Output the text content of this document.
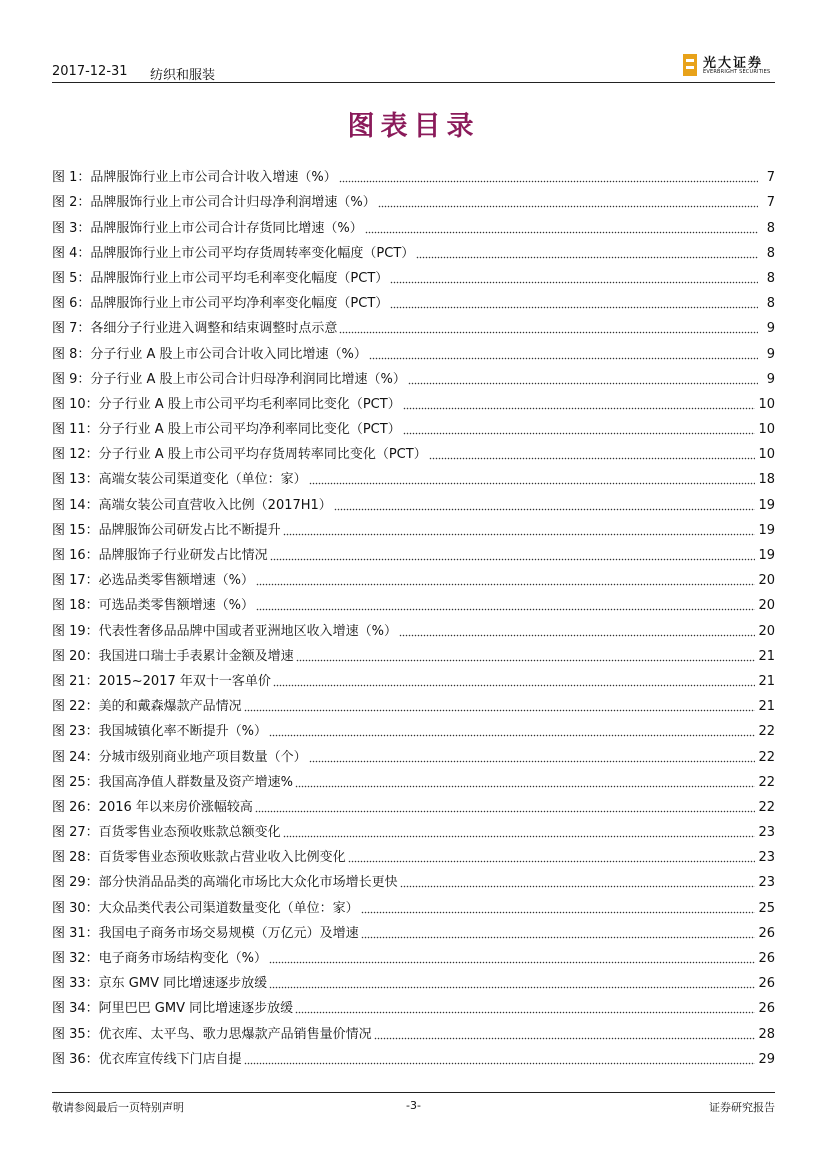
2017-12-31 纺织和服装
光大证券
EVERBRIGHT SECURITIES
图表目录
图 1：品牌服饰行业上市公司合计收入增速（%）	7
图 2：品牌服饰行业上市公司合计归母净利润增速（%）	7
图 3：品牌服饰行业上市公司合计存货同比增速（%）	8
图 4：品牌服饰行业上市公司平均存货周转率变化幅度（PCT）	8
图 5：品牌服饰行业上市公司平均毛利率变化幅度（PCT）	8
图 6：品牌服饰行业上市公司平均净利率变化幅度（PCT）	8
图 7：各细分子行业进入调整和结束调整时点示意	9
图 8：分子行业 A 股上市公司合计收入同比增速（%）	9
图 9：分子行业 A 股上市公司合计归母净利润同比增速（%）	9
图 10：分子行业 A 股上市公司平均毛利率同比变化（PCT）	10
图 11：分子行业 A 股上市公司平均净利率同比变化（PCT）	10
图 12：分子行业 A 股上市公司平均存货周转率同比变化（PCT）	10
图 13：高端女装公司渠道变化（单位：家）	18
图 14：高端女装公司直营收入比例（2017H1）	19
图 15：品牌服饰公司研发占比不断提升	19
图 16：品牌服饰子行业研发占比情况	19
图 17：必选品类零售额增速（%）	20
图 18：可选品类零售额增速（%）	20
图 19：代表性奢侈品品牌中国或者亚洲地区收入增速（%）	20
图 20：我国进口瑞士手表累计金额及增速	21
图 21：2015~2017 年双十一客单价	21
图 22：美的和戴森爆款产品情况	21
图 23：我国城镇化率不断提升（%）	22
图 24：分城市级别商业地产项目数量（个）	22
图 25：我国高净值人群数量及资产增速%	22
图 26：2016 年以来房价涨幅较高	22
图 27：百货零售业态预收账款总额变化	23
图 28：百货零售业态预收账款占营业收入比例变化	23
图 29：部分快消品品类的高端化市场比大众化市场增长更快	23
图 30：大众品类代表公司渠道数量变化（单位：家）	25
图 31：我国电子商务市场交易规模（万亿元）及增速	26
图 32：电子商务市场结构变化（%）	26
图 33：京东 GMV 同比增速逐步放缓	26
图 34：阿里巴巴 GMV 同比增速逐步放缓	26
图 35：优衣库、太平鸟、歌力思爆款产品销售量价情况	28
图 36：优衣库宣传线下门店自提	29
敬请参阅最后一页特别声明	-3-	证券研究报告
